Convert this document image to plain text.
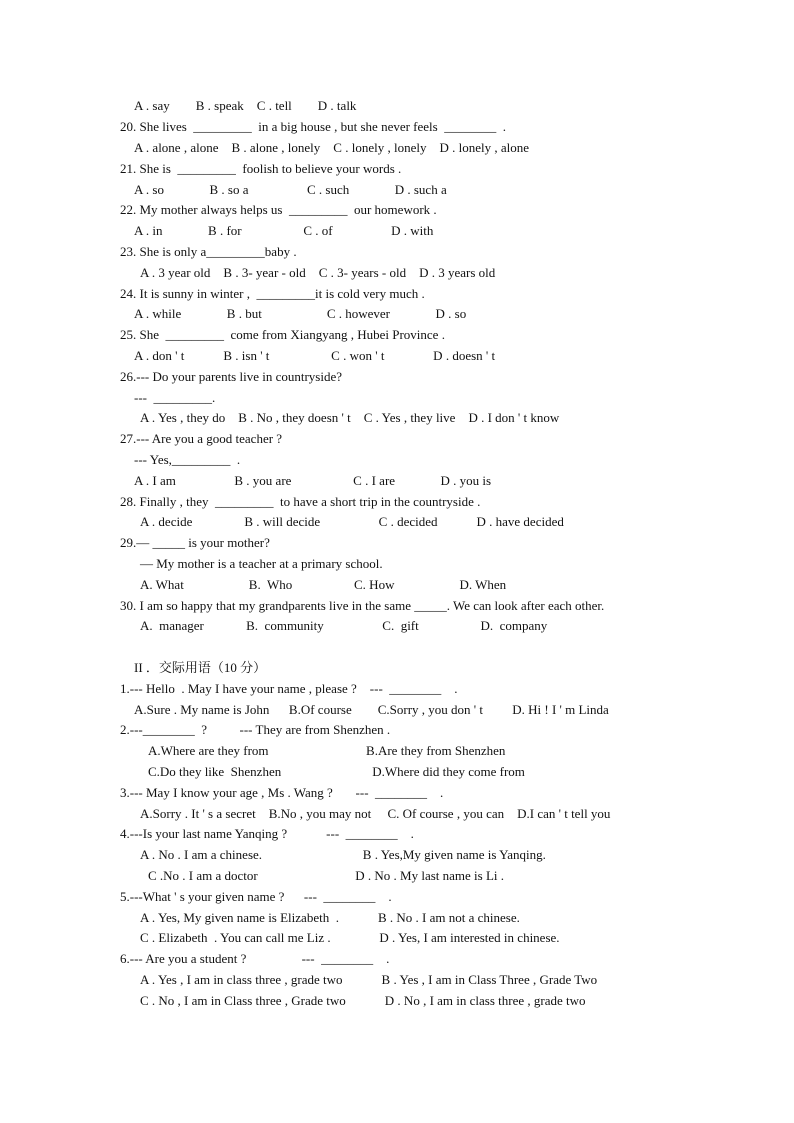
A . say        B . speak    C . tell        D . talk
20. She lives  _________  in a big house , but she never feels  ________  .
A . alone , alone    B . alone , lonely    C . lonely , lonely    D . lonely , alone
21. She is  _________  foolish to believe your words .
A . so              B . so a                  C . such              D . such a
22. My mother always helps us  _________  our homework .
A . in              B . for                   C . of                  D . with
23. She is only a_________baby .
A . 3 year old    B . 3- year - old    C . 3- years - old    D . 3 years old
24. It is sunny in winter ,  _________it is cold very much .
A . while              B . but                    C . however              D . so
25. She  _________  come from Xiangyang , Hubei Province .
A . don ' t            B . isn ' t                   C . won ' t               D . doesn ' t
26.--- Do your parents live in countryside?
---  _________.
A . Yes , they do    B . No , they doesn ' t    C . Yes , they live    D . I don ' t know
27.--- Are you a good teacher ?
--- Yes,_________  .
A . I am                  B . you are                   C . I are              D . you is
28. Finally , they  _________  to have a short trip in the countryside .
A . decide                B . will decide                  C . decided            D . have decided
29.— _____ is your mother?
— My mother is a teacher at a primary school.
A. What                    B.  Who                   C. How                    D. When
30. I am so happy that my grandparents live in the same _____. We can look after each other.
A.  manager             B.  community                  C.  gift                   D.  company
II ．交际用语（10 分）
1.--- Hello  . May I have your name , please ?    ---  ________    .
A.Sure . My name is John      B.Of course        C.Sorry , you don ' t         D. Hi ! I ' m Linda
2.---________  ?          --- They are from Shenzhen .
A.Where are they from                              B.Are they from Shenzhen
C.Do they like  Shenzhen                            D.Where did they come from
3.--- May I know your age , Ms . Wang ?       ---  ________    .
A.Sorry . It ' s a secret    B.No , you may not     C. Of course , you can    D.I can ' t tell you
4.---Is your last name Yanqing ?            ---  ________    .
A . No . I am a chinese.                               B . Yes,My given name is Yanqing.
C .No . I am a doctor                              D . No . My last name is Li .
5.---What ' s your given name ?      ---  ________    .
A . Yes, My given name is Elizabeth  .            B . No . I am not a chinese.
C . Elizabeth  . You can call me Liz .               D . Yes, I am interested in chinese.
6.--- Are you a student ?                 ---  ________    .
A . Yes , I am in class three , grade two            B . Yes , I am in Class Three , Grade Two
C . No , I am in Class three , Grade two            D . No , I am in class three , grade two
